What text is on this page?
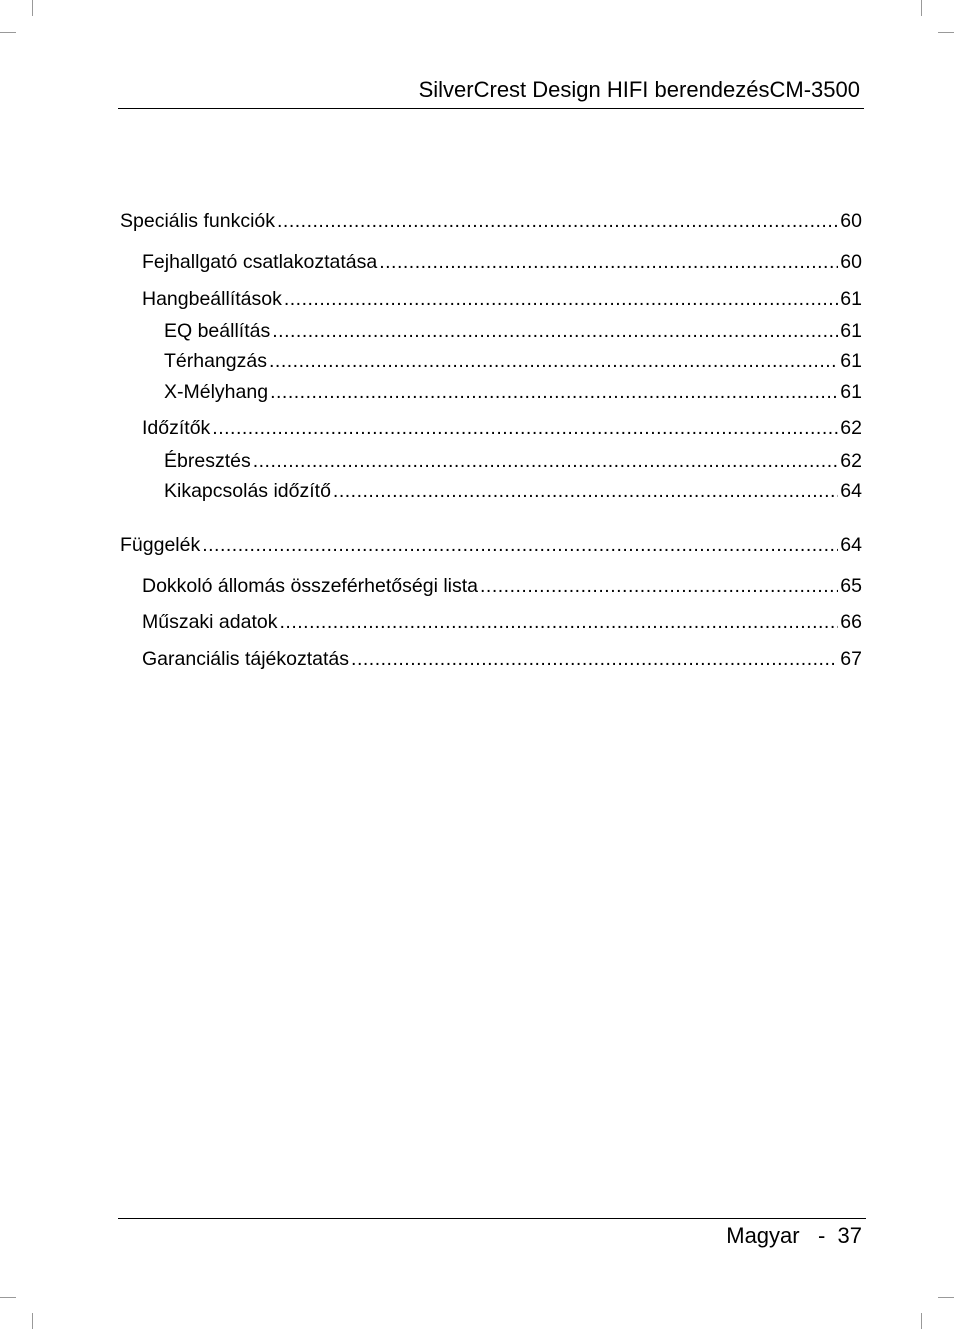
SilverCrest Design HIFI berendezésCM-3500
Speciális funkciók .....	60
Fejhallgató csatlakoztatása .....	60
Hangbeállítások .....	61
EQ beállítás .....	61
Térhangzás .....	61
X-Mélyhang .....	61
Időzítők .....	62
Ébresztés .....	62
Kikapcsolás időzítő .....	64
Függelék .....	64
Dokkoló állomás összeférhetőségi lista .....	65
Műszaki adatok .....	66
Garanciális tájékoztatás .....	67
Magyar - 37
